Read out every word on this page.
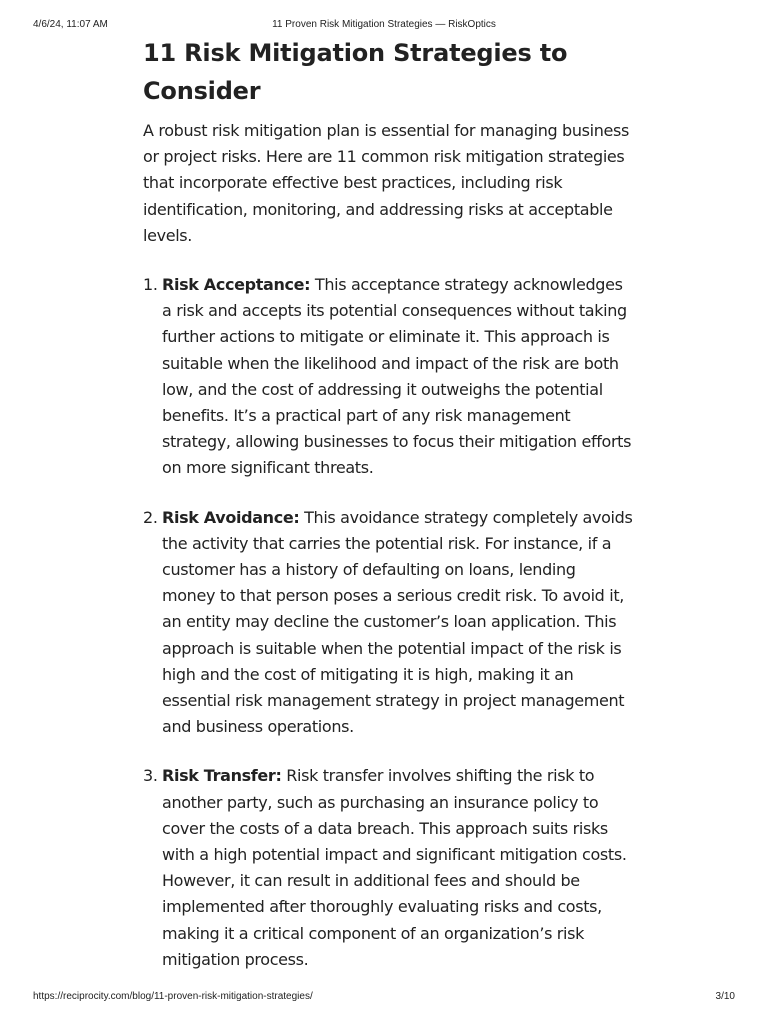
4/6/24, 11:07 AM	11 Proven Risk Mitigation Strategies — RiskOptics
11 Risk Mitigation Strategies to Consider

A robust risk mitigation plan is essential for managing business or project risks. Here are 11 common risk mitigation strategies that incorporate effective best practices, including risk identification, monitoring, and addressing risks at acceptable levels.

1. Risk Acceptance: This acceptance strategy acknowledges a risk and accepts its potential consequences without taking further actions to mitigate or eliminate it. This approach is suitable when the likelihood and impact of the risk are both low, and the cost of addressing it outweighs the potential benefits. It’s a practical part of any risk management strategy, allowing businesses to focus their mitigation efforts on more significant threats.
2. Risk Avoidance: This avoidance strategy completely avoids the activity that carries the potential risk. For instance, if a customer has a history of defaulting on loans, lending money to that person poses a serious credit risk. To avoid it, an entity may decline the customer’s loan application. This approach is suitable when the potential impact of the risk is high and the cost of mitigating it is high, making it an essential risk management strategy in project management and business operations.
3. Risk Transfer: Risk transfer involves shifting the risk to another party, such as purchasing an insurance policy to cover the costs of a data breach. This approach suits risks with a high potential impact and significant mitigation costs. However, it can result in additional fees and should be implemented after thoroughly evaluating risks and costs, making it a critical component of an organization’s risk mitigation process.
https://reciprocity.com/blog/11-proven-risk-mitigation-strategies/	3/10
